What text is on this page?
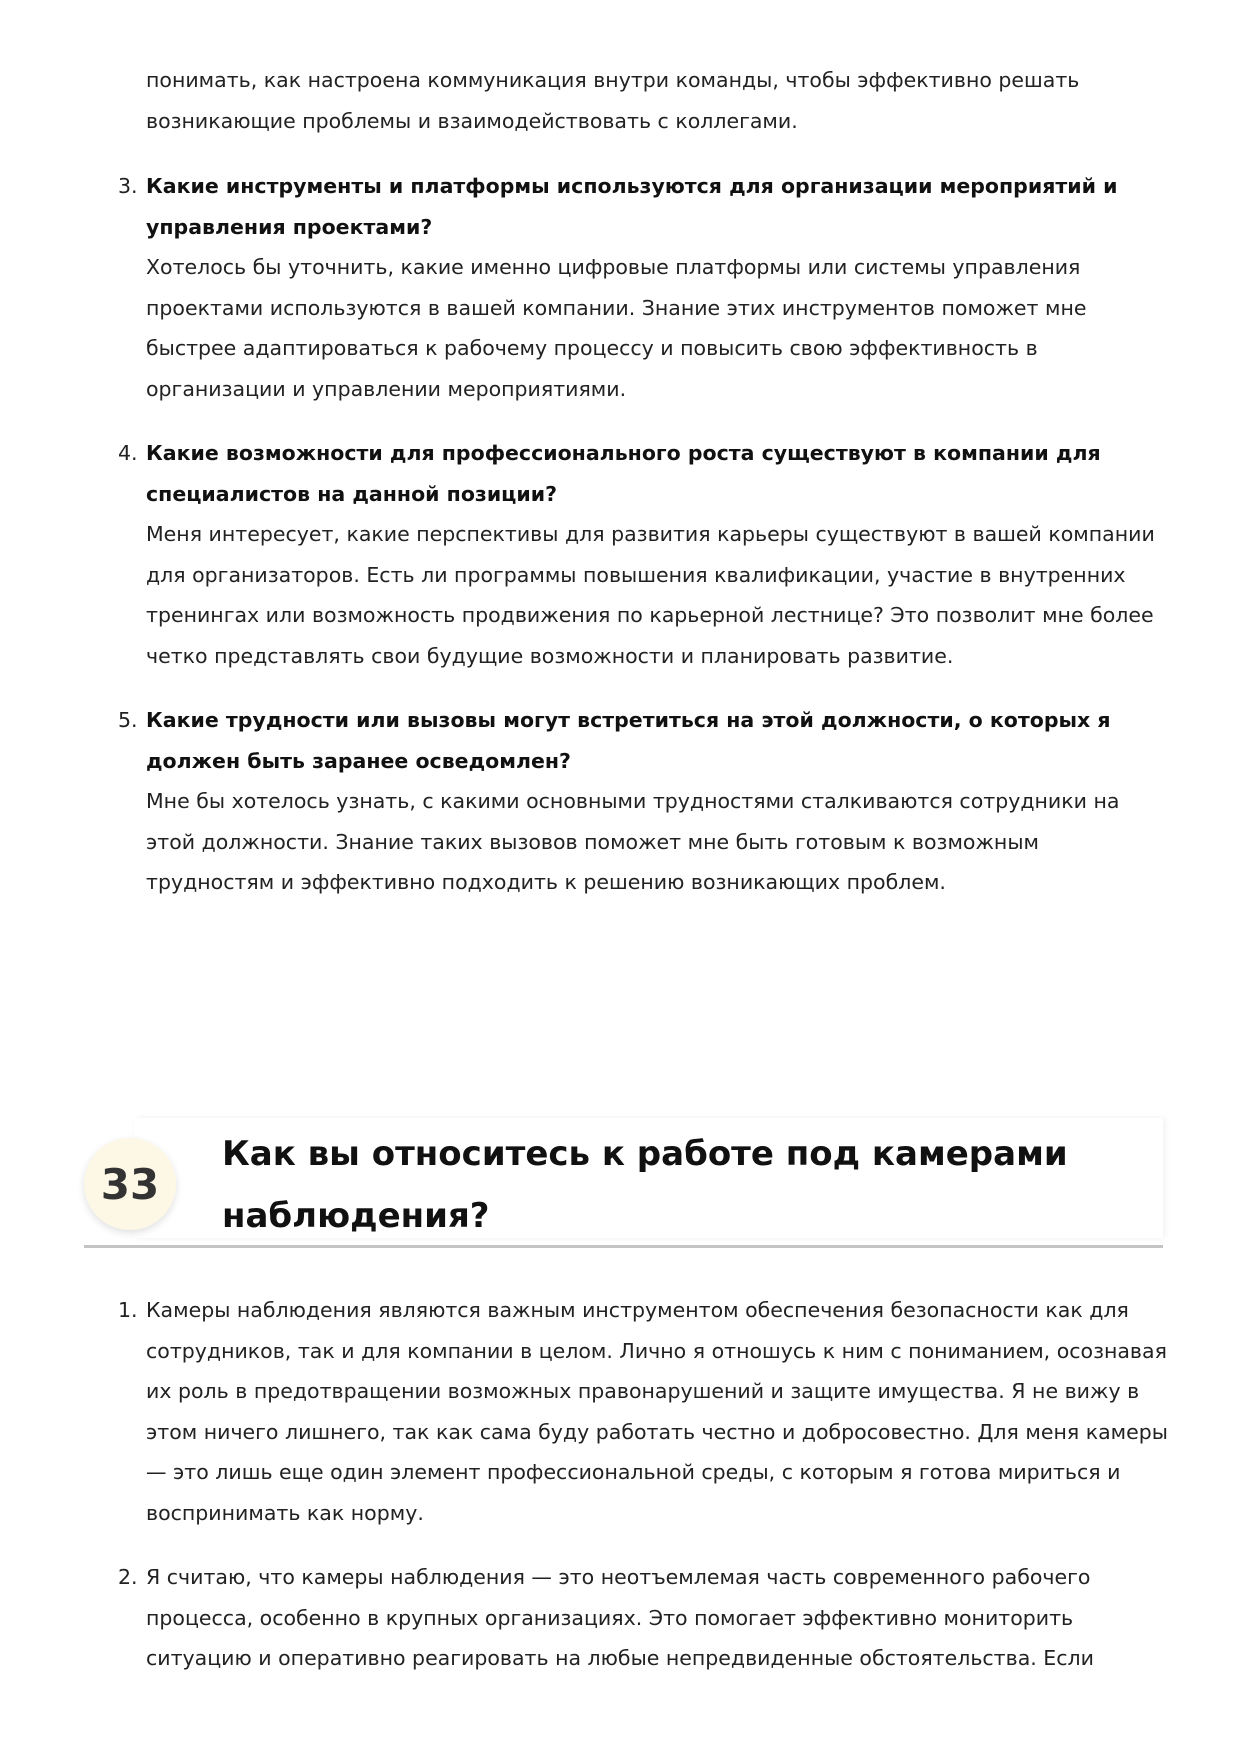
понимать, как настроена коммуникация внутри команды, чтобы эффективно решать возникающие проблемы и взаимодействовать с коллегами.

3. Какие инструменты и платформы используются для организации мероприятий и управления проектами?
Хотелось бы уточнить, какие именно цифровые платформы или системы управления проектами используются в вашей компании. Знание этих инструментов поможет мне быстрее адаптироваться к рабочему процессу и повысить свою эффективность в организации и управлении мероприятиями.
4. Какие возможности для профессионального роста существуют в компании для специалистов на данной позиции?
Меня интересует, какие перспективы для развития карьеры существуют в вашей компании для организаторов. Есть ли программы повышения квалификации, участие в внутренних тренингах или возможность продвижения по карьерной лестнице? Это позволит мне более четко представлять свои будущие возможности и планировать развитие.
5. Какие трудности или вызовы могут встретиться на этой должности, о которых я должен быть заранее осведомлен?
Мне бы хотелось узнать, с какими основными трудностями сталкиваются сотрудники на этой должности. Знание таких вызовов поможет мне быть готовым к возможным трудностям и эффективно подходить к решению возникающих проблем.
33
Как вы относитесь к работе под камерами наблюдения?
1. Камеры наблюдения являются важным инструментом обеспечения безопасности как для сотрудников, так и для компании в целом. Лично я отношусь к ним с пониманием, осознавая их роль в предотвращении возможных правонарушений и защите имущества. Я не вижу в этом ничего лишнего, так как сама буду работать честно и добросовестно. Для меня камеры — это лишь еще один элемент профессиональной среды, с которым я готова мириться и воспринимать как норму.
2. Я считаю, что камеры наблюдения — это неотъемлемая часть современного рабочего процесса, особенно в крупных организациях. Это помогает эффективно мониторить ситуацию и оперативно реагировать на любые непредвиденные обстоятельства. Если
